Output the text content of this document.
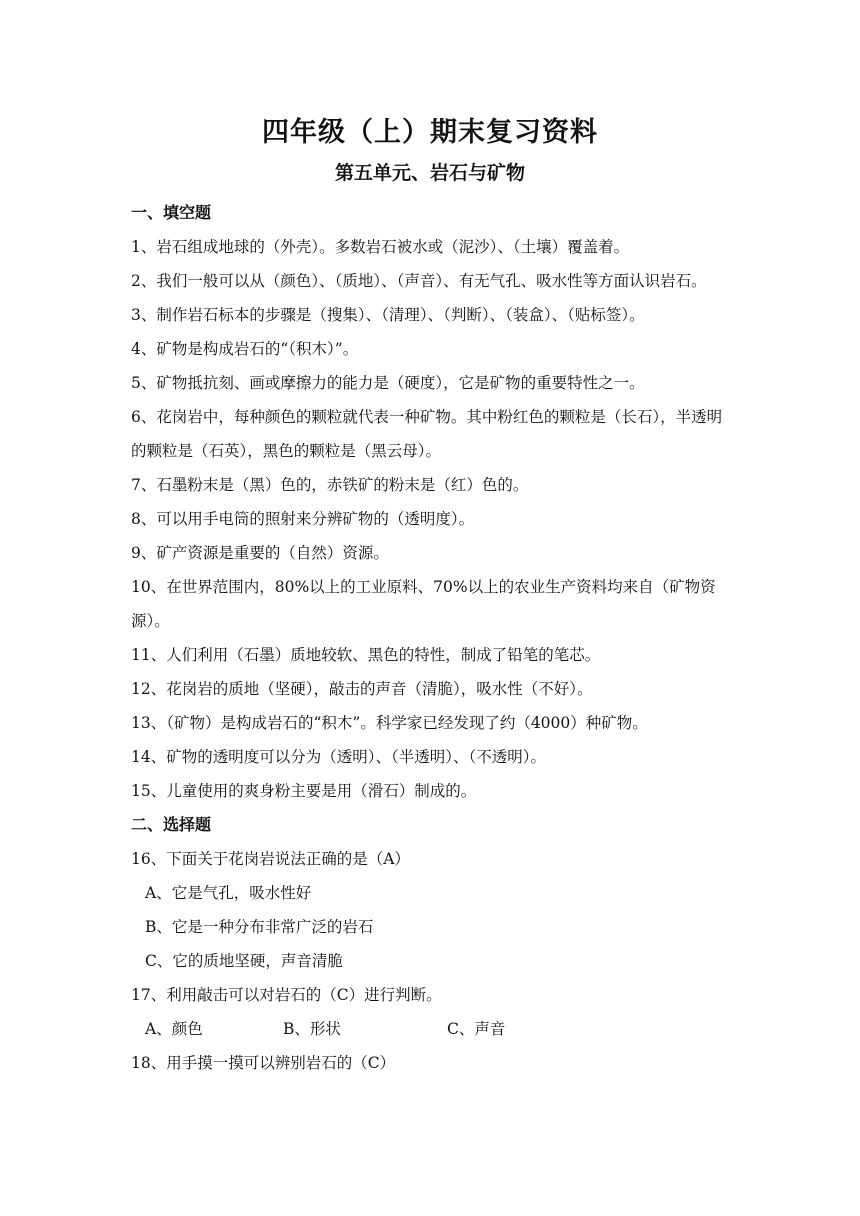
四年级（上）期末复习资料
第五单元、岩石与矿物
一、填空题

1、岩石组成地球的（外壳）。多数岩石被水或（泥沙）、（土壤）覆盖着。

2、我们一般可以从（颜色）、（质地）、（声音）、有无气孔、吸水性等方面认识岩石。

3、制作岩石标本的步骤是（搜集）、（清理）、（判断）、（装盒）、（贴标签）。

4、矿物是构成岩石的“（积木）”。

5、矿物抵抗刻、画或摩擦力的能力是（硬度），它是矿物的重要特性之一。

6、花岗岩中，每种颜色的颗粒就代表一种矿物。其中粉红色的颗粒是（长石），半透明的颗粒是（石英），黑色的颗粒是（黑云母）。

7、石墨粉末是（黑）色的，赤铁矿的粉末是（红）色的。

8、可以用手电筒的照射来分辨矿物的（透明度）。

9、矿产资源是重要的（自然）资源。

10、在世界范围内，80%以上的工业原料、70%以上的农业生产资料均来自（矿物资源）。

11、人们利用（石墨）质地较软、黑色的特性，制成了铅笔的笔芯。

12、花岗岩的质地（坚硬），敲击的声音（清脆），吸水性（不好）。

13、（矿物）是构成岩石的“积木”。科学家已经发现了约（4000）种矿物。

14、矿物的透明度可以分为（透明）、（半透明）、（不透明）。

15、儿童使用的爽身粉主要是用（滑石）制成的。

二、选择题

16、下面关于花岗岩说法正确的是（A）

A、它是气孔，吸水性好
B、它是一种分布非常广泛的岩石
C、它的质地坚硬，声音清脆

17、利用敲击可以对岩石的（C）进行判断。

A、颜色	B、形状	C、声音

18、用手摸一摸可以辨别岩石的（C）
